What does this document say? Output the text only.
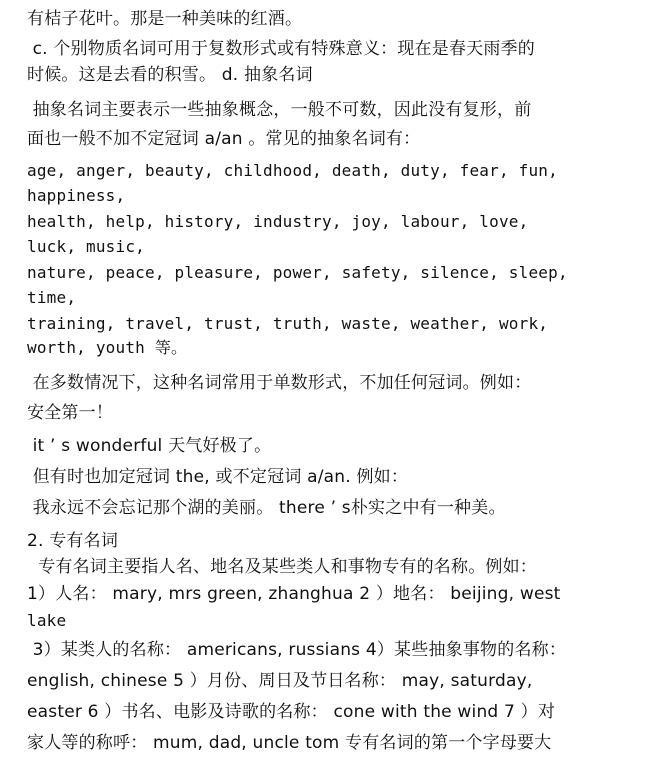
有桔子花叶。那是一种美味的红酒。
c. 个别物质名词可用于复数形式或有特殊意义：现在是春天雨季的
时候。这是去看的积雪。 d. 抽象名词
抽象名词主要表示一些抽象概念，一般不可数，因此没有复形，前
面也一般不加不定冠词 a/an 。常见的抽象名词有：
age, anger, beauty, childhood, death, duty, fear, fun,
happiness,
health, help, history, industry, joy, labour, love,
luck, music,
nature, peace, pleasure, power, safety, silence, sleep,
time,
training, travel, trust, truth, waste, weather, work,
worth, youth 等。
在多数情况下，这种名词常用于单数形式，不加任何冠词。例如：
安全第一！
it ’ s wonderful 天气好极了。
但有时也加定冠词 the, 或不定冠词 a/an. 例如：
我永远不会忘记那个湖的美丽。 there ’ s朴实之中有一种美。
2. 专有名词
专有名词主要指人名、地名及某些类人和事物专有的名称。例如：
1）人名： mary, mrs green, zhanghua 2 ）地名： beijing, west
lake
3）某类人的名称： americans, russians 4）某些抽象事物的名称：
english, chinese 5 ）月份、周日及节日名称： may, saturday,
easter 6 ）书名、电影及诗歌的名称： cone with the wind 7 ）对
家人等的称呼： mum, dad, uncle tom 专有名词的第一个字母要大
